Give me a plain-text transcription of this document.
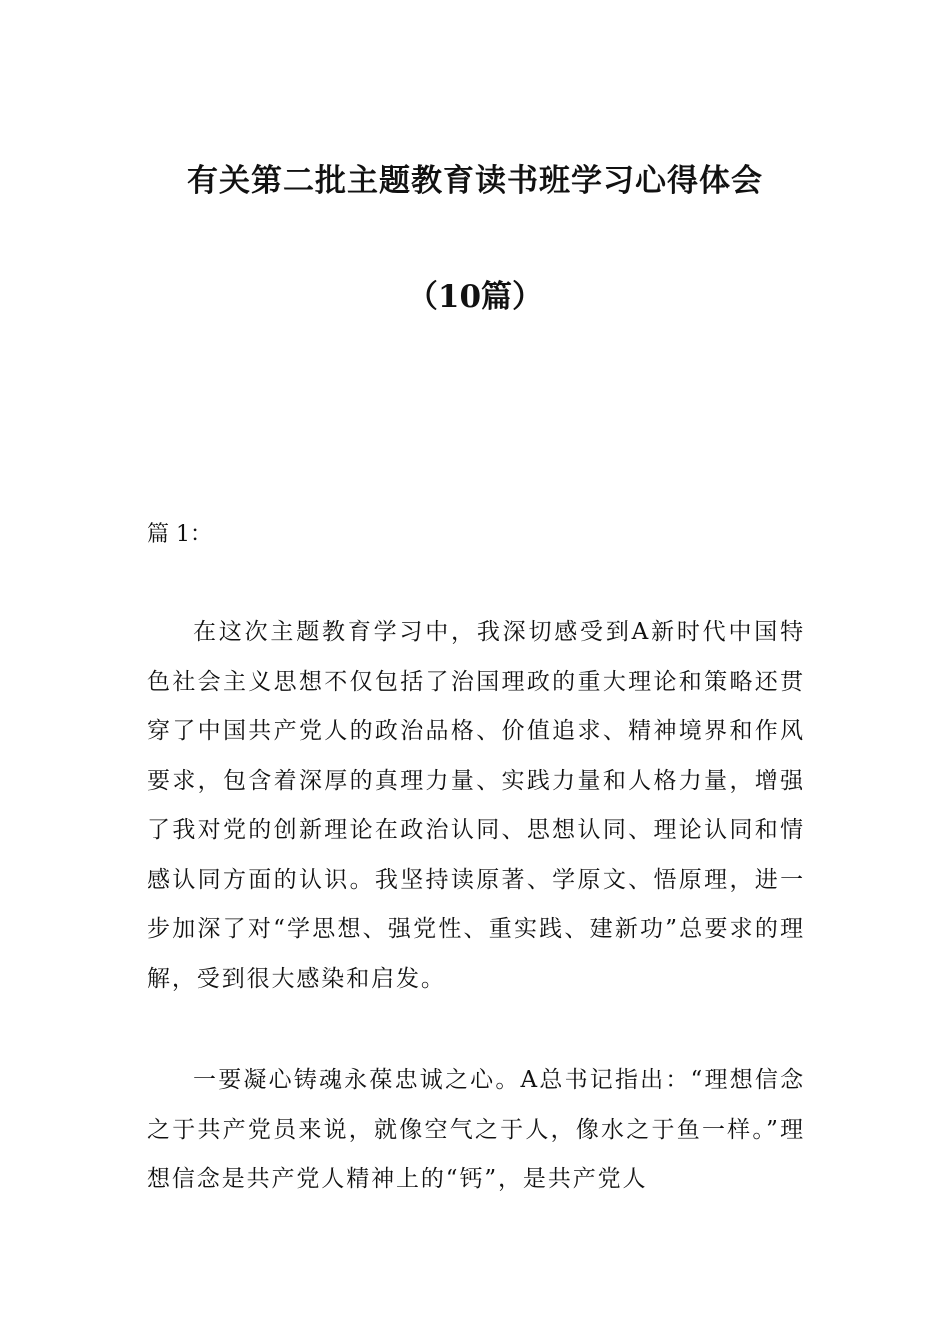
有关第二批主题教育读书班学习心得体会
（10篇）
篇 1：

在这次主题教育学习中，我深切感受到A新时代中国特色社会主义思想不仅包括了治国理政的重大理论和策略还贯穿了中国共产党人的政治品格、价值追求、精神境界和作风要求，包含着深厚的真理力量、实践力量和人格力量，增强了我对党的创新理论在政治认同、思想认同、理论认同和情感认同方面的认识。我坚持读原著、学原文、悟原理，进一步加深了对“学思想、强党性、重实践、建新功”总要求的理解，受到很大感染和启发。

一要凝心铸魂永葆忠诚之心。A总书记指出：“理想信念之于共产党员来说，就像空气之于人，像水之于鱼一样。”理想信念是共产党人精神上的“钙”，是共产党人
